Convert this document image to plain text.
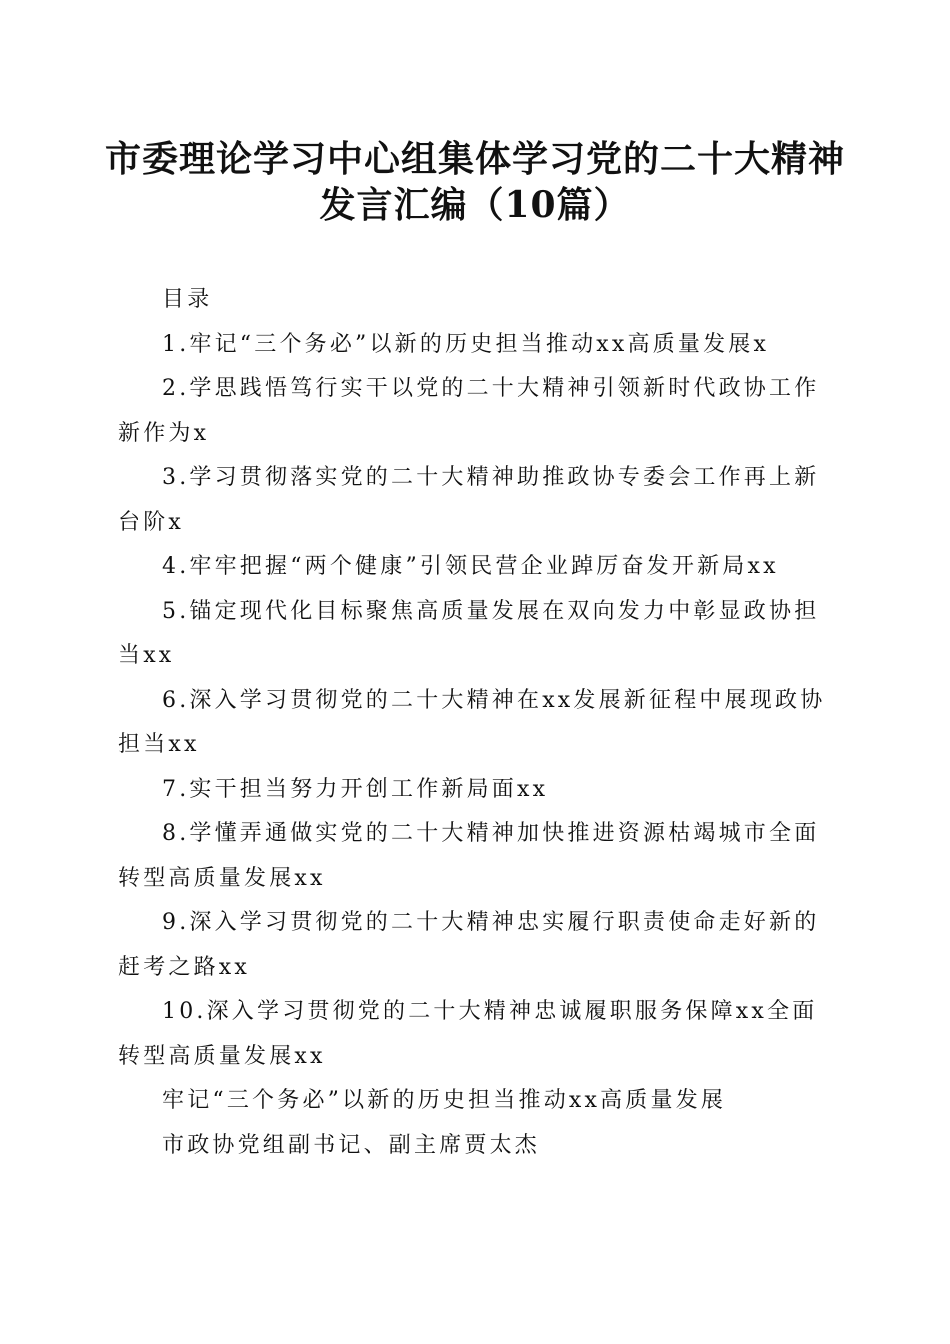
市委理论学习中心组集体学习党的二十大精神
发言汇编（10篇）

目录

1.牢记“三个务必”以新的历史担当推动xx高质量发展x

2.学思践悟笃行实干以党的二十大精神引领新时代政协工作新作为x

3.学习贯彻落实党的二十大精神助推政协专委会工作再上新台阶x

4.牢牢把握“两个健康”引领民营企业踔厉奋发开新局xx

5.锚定现代化目标聚焦高质量发展在双向发力中彰显政协担当xx

6.深入学习贯彻党的二十大精神在xx发展新征程中展现政协担当xx

7.实干担当努力开创工作新局面xx

8.学懂弄通做实党的二十大精神加快推进资源枯竭城市全面转型高质量发展xx

9.深入学习贯彻党的二十大精神忠实履行职责使命走好新的赶考之路xx

10.深入学习贯彻党的二十大精神忠诚履职服务保障xx全面转型高质量发展xx

牢记“三个务必”以新的历史担当推动xx高质量发展

市政协党组副书记、副主席贾太杰
